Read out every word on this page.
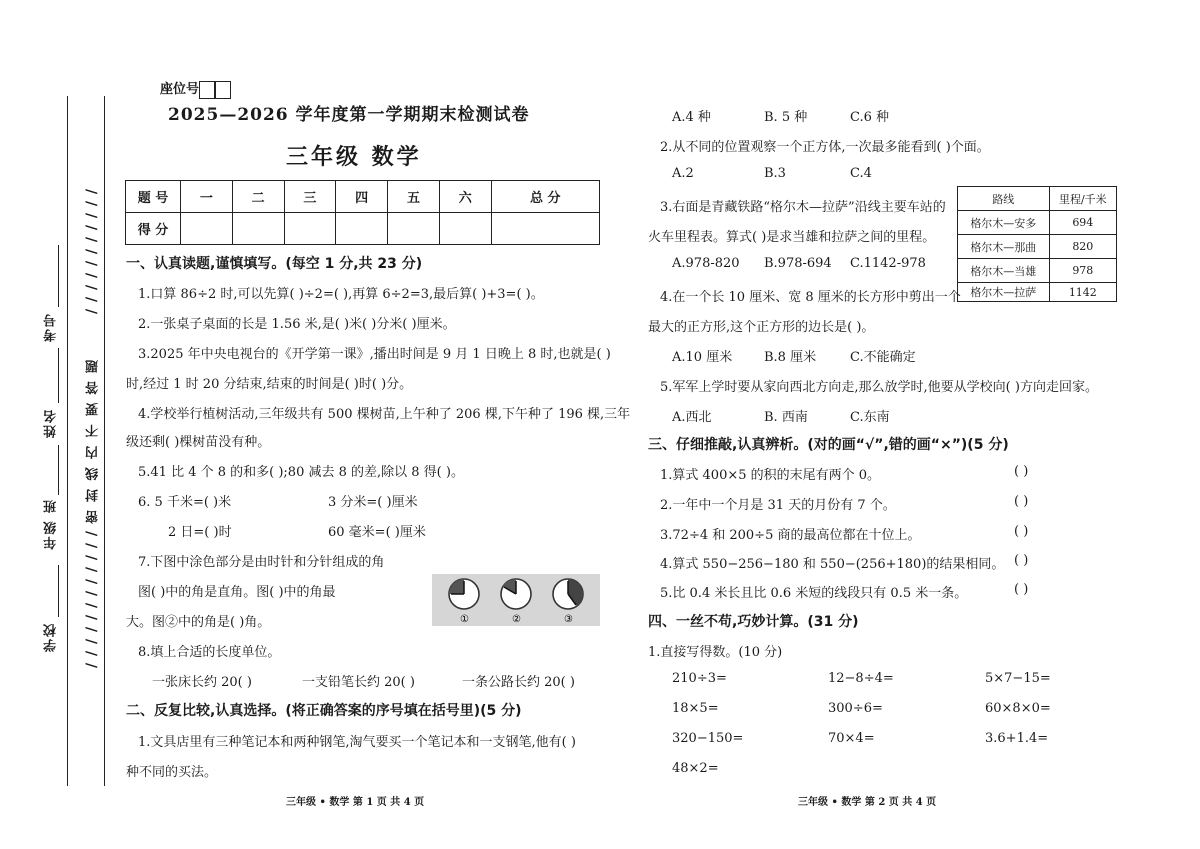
/ / / / / / / / / / /
密 封 线 内 不 要 答 题
/ / / / / / / / / / / /
考号
姓名
年级 班
学校
座位号
2025—2026 学年度第一学期期末检测试卷
三年级 数学
题 号	一	二	三	四	五	六	总 分
得 分							
一、认真读题,谨慎填写。(每空 1 分,共 23 分)
1.口算 86÷2 时,可以先算( )÷2=( ),再算 6÷2=3,最后算( )+3=( )。
2.一张桌子桌面的长是 1.56 米,是( )米( )分米( )厘米。
3.2025 年中央电视台的《开学第一课》,播出时间是 9 月 1 日晚上 8 时,也就是( )
时,经过 1 时 20 分结束,结束的时间是( )时( )分。
4.学校举行植树活动,三年级共有 500 棵树苗,上午种了 206 棵,下午种了 196 棵,三年
级还剩( )棵树苗没有种。
5.41 比 4 个 8 的和多( );80 减去 8 的差,除以 8 得( )。
6. 5 千米=( )米	3 分米=( )厘米
2 日=( )时	60 毫米=( )厘米
7.下图中涂色部分是由时针和分针组成的角
图( )中的角是直角。图( )中的角最
大。图②中的角是( )角。	①	②	③
8.填上合适的长度单位。
一张床长约 20( )	一支铅笔长约 20( )	一条公路长约 20( )
二、反复比较,认真选择。(将正确答案的序号填在括号里)(5 分)
1.文具店里有三种笔记本和两种钢笔,淘气要买一个笔记本和一支钢笔,他有( )
种不同的买法。
三年级 • 数学 第 1 页 共 4 页
A.4 种	B. 5 种	C.6 种
2.从不同的位置观察一个正方体,一次最多能看到( )个面。
A.2	B.3	C.4
3.右面是青藏铁路“格尔木—拉萨”沿线主要车站的
火车里程表。算式( )是求当雄和拉萨之间的里程。
A.978-820 B.978-694 C.1142-978
路线	里程/千米
格尔木—安多	694
格尔木—那曲	820
格尔木—当雄	978
格尔木—拉萨	1142
4.在一个长 10 厘米、宽 8 厘米的长方形中剪出一个
最大的正方形,这个正方形的边长是( )。
A.10 厘米 B.8 厘米	C.不能确定
5.军军上学时要从家向西北方向走,那么放学时,他要从学校向( )方向走回家。
A.西北	B. 西南	C.东南
三、仔细推敲,认真辨析。(对的画“√”,错的画“×”)(5 分)
1.算式 400×5 的积的末尾有两个 0。	( )
2.一年中一个月是 31 天的月份有 7 个。	( )
3.72÷4 和 200÷5 商的最高位都在十位上。	( )
4.算式 550−256−180 和 550−(256+180)的结果相同。 ( )
5.比 0.4 米长且比 0.6 米短的线段只有 0.5 米一条。	( )
四、一丝不苟,巧妙计算。(31 分)
1.直接写得数。(10 分)
210÷3=	12−8÷4=	5×7−15=
18×5=	300÷6=	60×8×0=
320−150=	70×4=	3.6+1.4=
48×2=
三年级 • 数学 第 2 页 共 4 页
